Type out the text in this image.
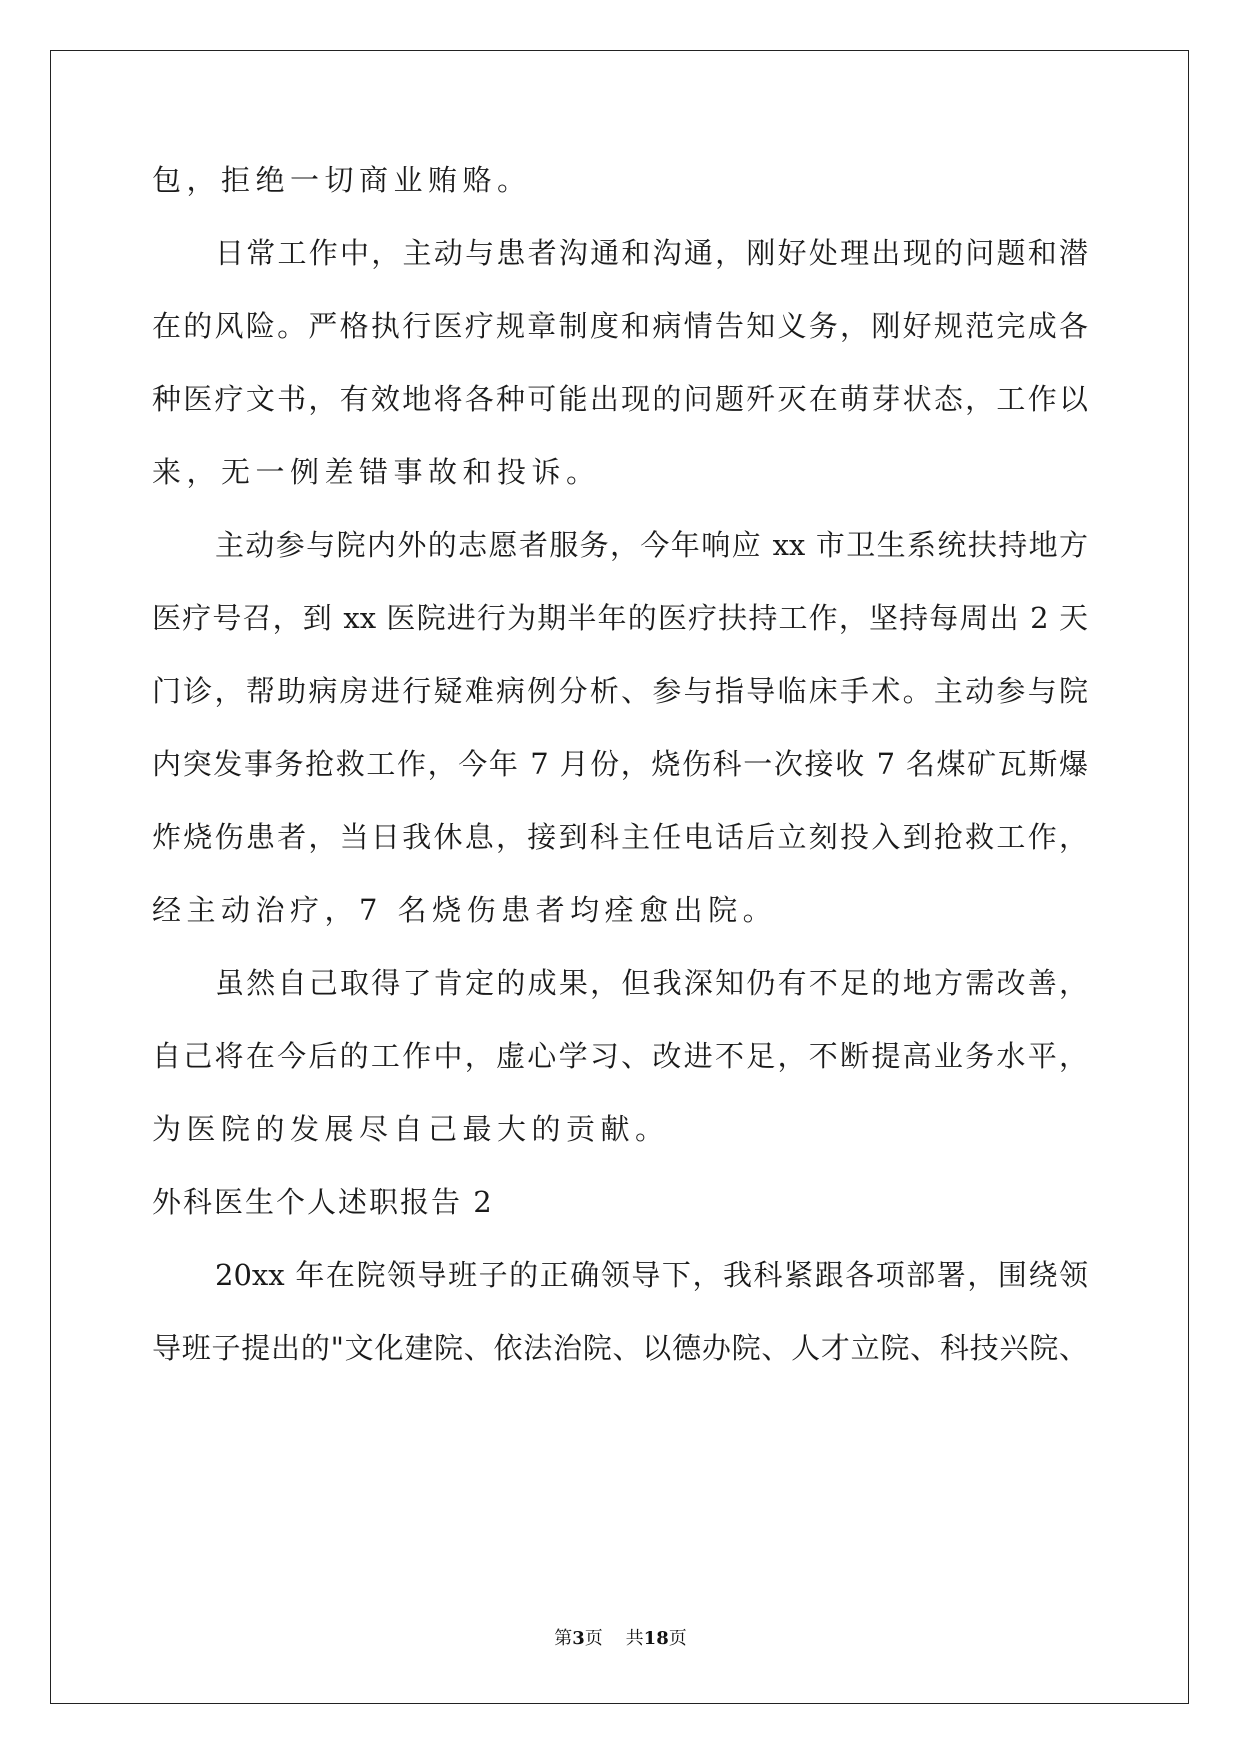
包，拒绝一切商业贿赂。
日常工作中，主动与患者沟通和沟通，刚好处理出现的问题和潜
在的风险。严格执行医疗规章制度和病情告知义务，刚好规范完成各
种医疗文书，有效地将各种可能出现的问题歼灭在萌芽状态，工作以
来，无一例差错事故和投诉。
主动参与院内外的志愿者服务，今年响应 xx 市卫生系统扶持地方
医疗号召，到 xx 医院进行为期半年的医疗扶持工作，坚持每周出 2 天
门诊，帮助病房进行疑难病例分析、参与指导临床手术。主动参与院
内突发事务抢救工作，今年 7 月份，烧伤科一次接收 7 名煤矿瓦斯爆
炸烧伤患者，当日我休息，接到科主任电话后立刻投入到抢救工作，
经主动治疗，7 名烧伤患者均痊愈出院。
虽然自己取得了肯定的成果，但我深知仍有不足的地方需改善，
自己将在今后的工作中，虚心学习、改进不足，不断提高业务水平，
为医院的发展尽自己最大的贡献。
外科医生个人述职报告 2
20xx 年在院领导班子的正确领导下，我科紧跟各项部署，围绕领
导班子提出的"文化建院、依法治院、以德办院、人才立院、科技兴院、
第3页    共18页
